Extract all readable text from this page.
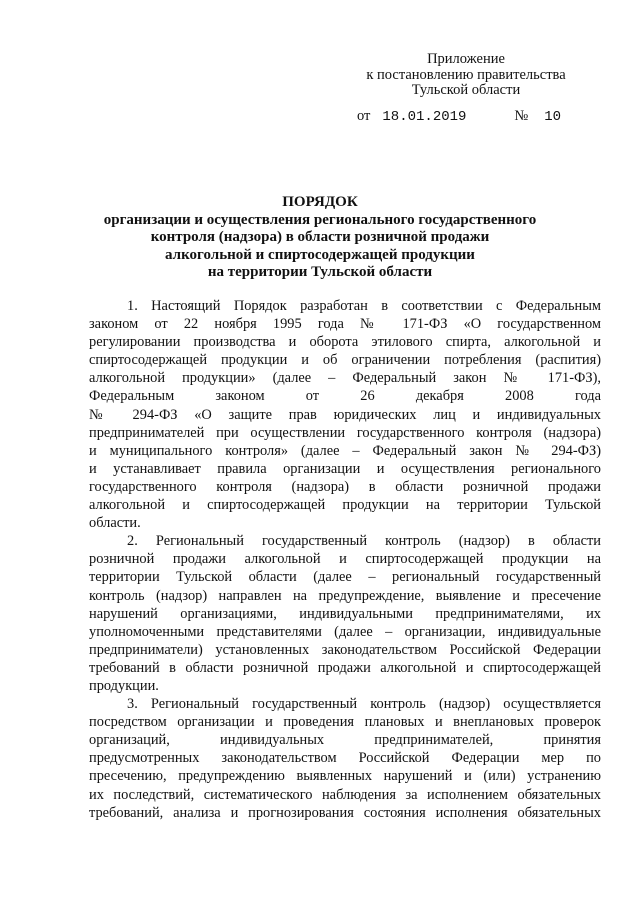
Приложение
к постановлению правительства
Тульской области
от 18.01.2019	№ 10
ПОРЯДОК
организации и осуществления регионального государственного
контроля (надзора) в области розничной продажи
алкогольной и спиртосодержащей продукции
на территории Тульской области
1. Настоящий Порядок разработан в соответствии с Федеральным
законом от 22 ноября 1995 года № 171-ФЗ «О государственном
регулировании производства и оборота этилового спирта, алкогольной и
спиртосодержащей продукции и об ограничении потребления (распития)
алкогольной продукции» (далее – Федеральный закон № 171-ФЗ),
Федеральным законом от 26 декабря 2008 года
№ 294-ФЗ «О защите прав юридических лиц и индивидуальных
предпринимателей при осуществлении государственного контроля (надзора)
и муниципального контроля» (далее – Федеральный закон № 294-ФЗ)
и устанавливает правила организации и осуществления регионального
государственного контроля (надзора) в области розничной продажи
алкогольной и спиртосодержащей продукции на территории Тульской
области.
2. Региональный государственный контроль (надзор) в области
розничной продажи алкогольной и спиртосодержащей продукции на
территории Тульской области (далее – региональный государственный
контроль (надзор) направлен на предупреждение, выявление и пресечение
нарушений организациями, индивидуальными предпринимателями, их
уполномоченными представителями (далее – организации, индивидуальные
предприниматели) установленных законодательством Российской Федерации
требований в области розничной продажи алкогольной и спиртосодержащей
продукции.
3. Региональный государственный контроль (надзор) осуществляется
посредством организации и проведения плановых и внеплановых проверок
организаций, индивидуальных предпринимателей, принятия
предусмотренных законодательством Российской Федерации мер по
пресечению, предупреждению выявленных нарушений и (или) устранению
их последствий, систематического наблюдения за исполнением обязательных
требований, анализа и прогнозирования состояния исполнения обязательных
